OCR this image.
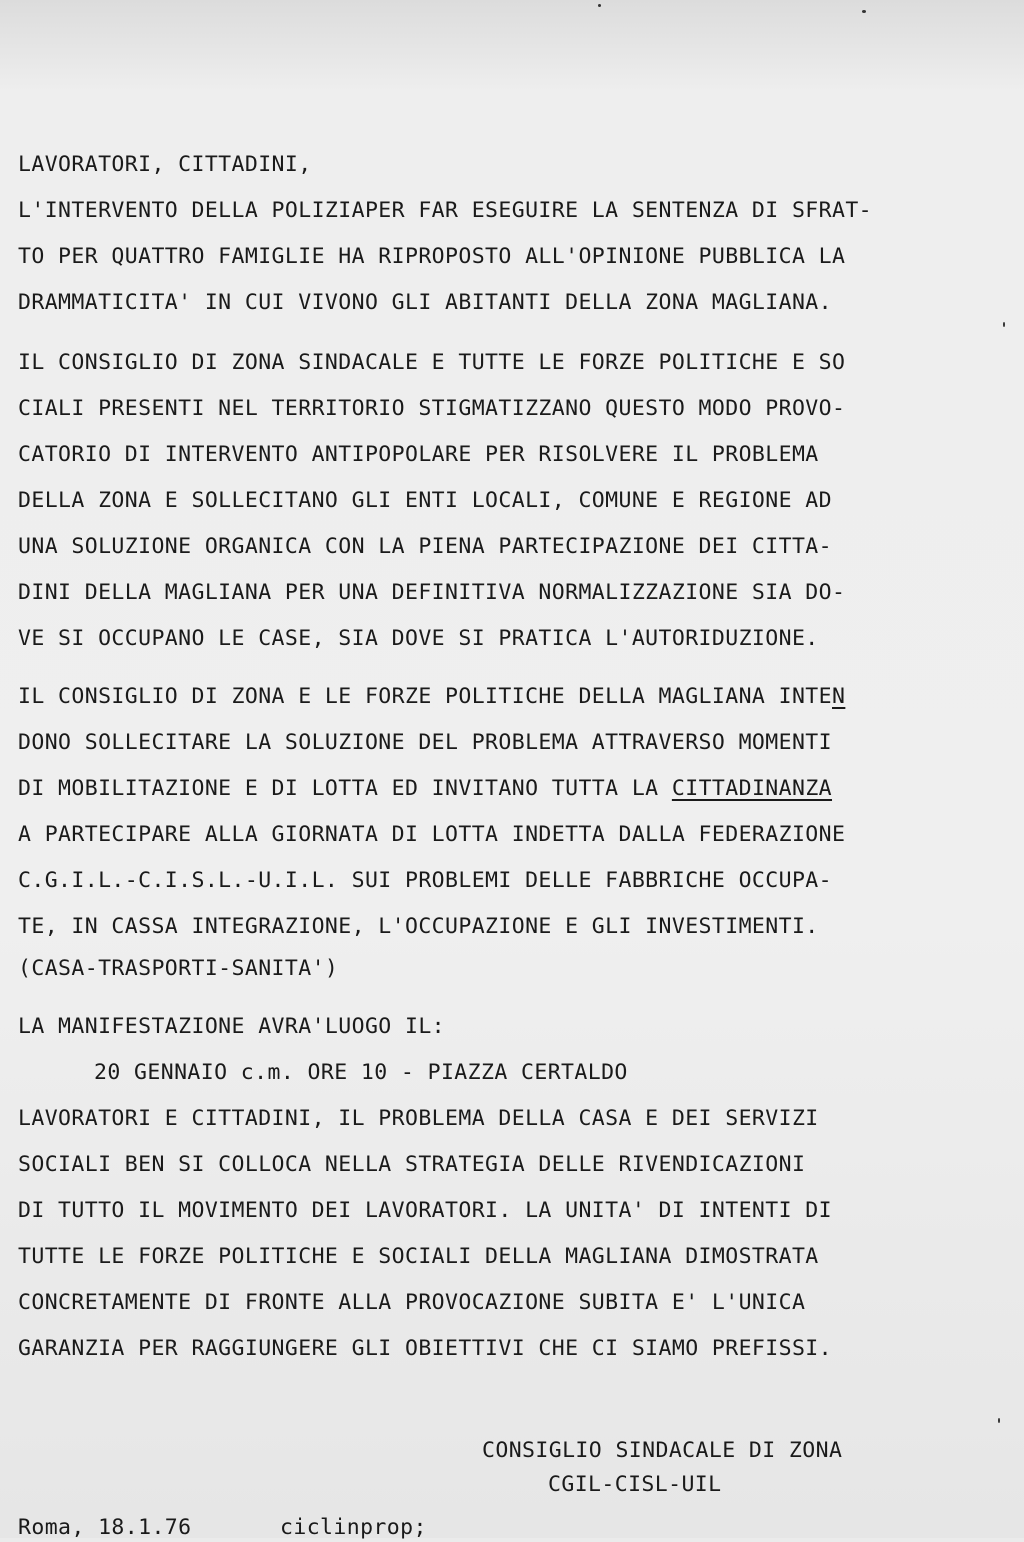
LAVORATORI, CITTADINI,
L'INTERVENTO DELLA POLIZIAPER FAR ESEGUIRE LA SENTENZA DI SFRAT-
TO PER QUATTRO FAMIGLIE HA RIPROPOSTO ALL'OPINIONE PUBBLICA LA
DRAMMATICITA' IN CUI VIVONO GLI ABITANTI DELLA ZONA MAGLIANA.
IL CONSIGLIO DI ZONA SINDACALE E TUTTE LE FORZE POLITICHE E SO
CIALI PRESENTI NEL TERRITORIO STIGMATIZZANO QUESTO MODO PROVO-
CATORIO DI INTERVENTO ANTIPOPOLARE PER RISOLVERE IL PROBLEMA
DELLA ZONA E SOLLECITANO GLI ENTI LOCALI, COMUNE E REGIONE AD
UNA SOLUZIONE ORGANICA CON LA PIENA PARTECIPAZIONE DEI CITTA-
DINI DELLA MAGLIANA PER UNA DEFINITIVA NORMALIZZAZIONE SIA DO-
VE SI OCCUPANO LE CASE, SIA DOVE SI PRATICA L'AUTORIDUZIONE.
IL CONSIGLIO DI ZONA E LE FORZE POLITICHE DELLA MAGLIANA INTEN
DONO SOLLECITARE LA SOLUZIONE DEL PROBLEMA ATTRAVERSO MOMENTI
DI MOBILITAZIONE E DI LOTTA ED INVITANO TUTTA LA CITTADINANZA
A PARTECIPARE ALLA GIORNATA DI LOTTA INDETTA DALLA FEDERAZIONE
C.G.I.L.-C.I.S.L.-U.I.L. SUI PROBLEMI DELLE FABBRICHE OCCUPA-
TE, IN CASSA INTEGRAZIONE, L'OCCUPAZIONE E GLI INVESTIMENTI.
(CASA-TRASPORTI-SANITA')
LA MANIFESTAZIONE AVRA'LUOGO IL:
20 GENNAIO c.m. ORE 10 - PIAZZA CERTALDO
LAVORATORI E CITTADINI, IL PROBLEMA DELLA CASA E DEI SERVIZI
SOCIALI BEN SI COLLOCA NELLA STRATEGIA DELLE RIVENDICAZIONI
DI TUTTO IL MOVIMENTO DEI LAVORATORI. LA UNITA' DI INTENTI DI
TUTTE LE FORZE POLITICHE E SOCIALI DELLA MAGLIANA DIMOSTRATA
CONCRETAMENTE DI FRONTE ALLA PROVOCAZIONE SUBITA E' L'UNICA
GARANZIA PER RAGGIUNGERE GLI OBIETTIVI CHE CI SIAMO PREFISSI.
CONSIGLIO SINDACALE DI ZONA
CGIL-CISL-UIL
Roma, 18.1.76	ciclinprop;
